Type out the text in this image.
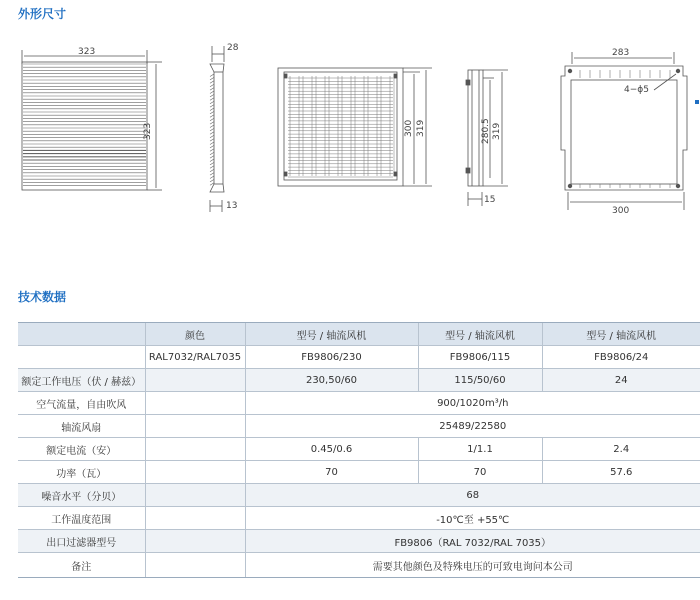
外形尺寸
323
323
28
13
300 319	280.5 319
15
283
4−ϕ5
300
技术数据
	颜色	型号 / 轴流风机	型号 / 轴流风机	型号 / 轴流风机
	RAL7032/RAL7035	FB9806/230	FB9806/115	FB9806/24
额定工作电压（伏 / 赫兹）		230,50/60	115/50/60	24
空气流量，自由吹风		900/1020m³/h		
轴流风扇		25489/22580		
额定电流（安）		0.45/0.6	1/1.1	2.4
功率（瓦）		70	70	57.6
噪音水平（分贝）		68		
工作温度范围		-10℃至 +55℃		
出口过滤器型号		FB9806（RAL 7032/RAL 7035）		
备注		需要其他颜色及特殊电压的可致电询问本公司		
